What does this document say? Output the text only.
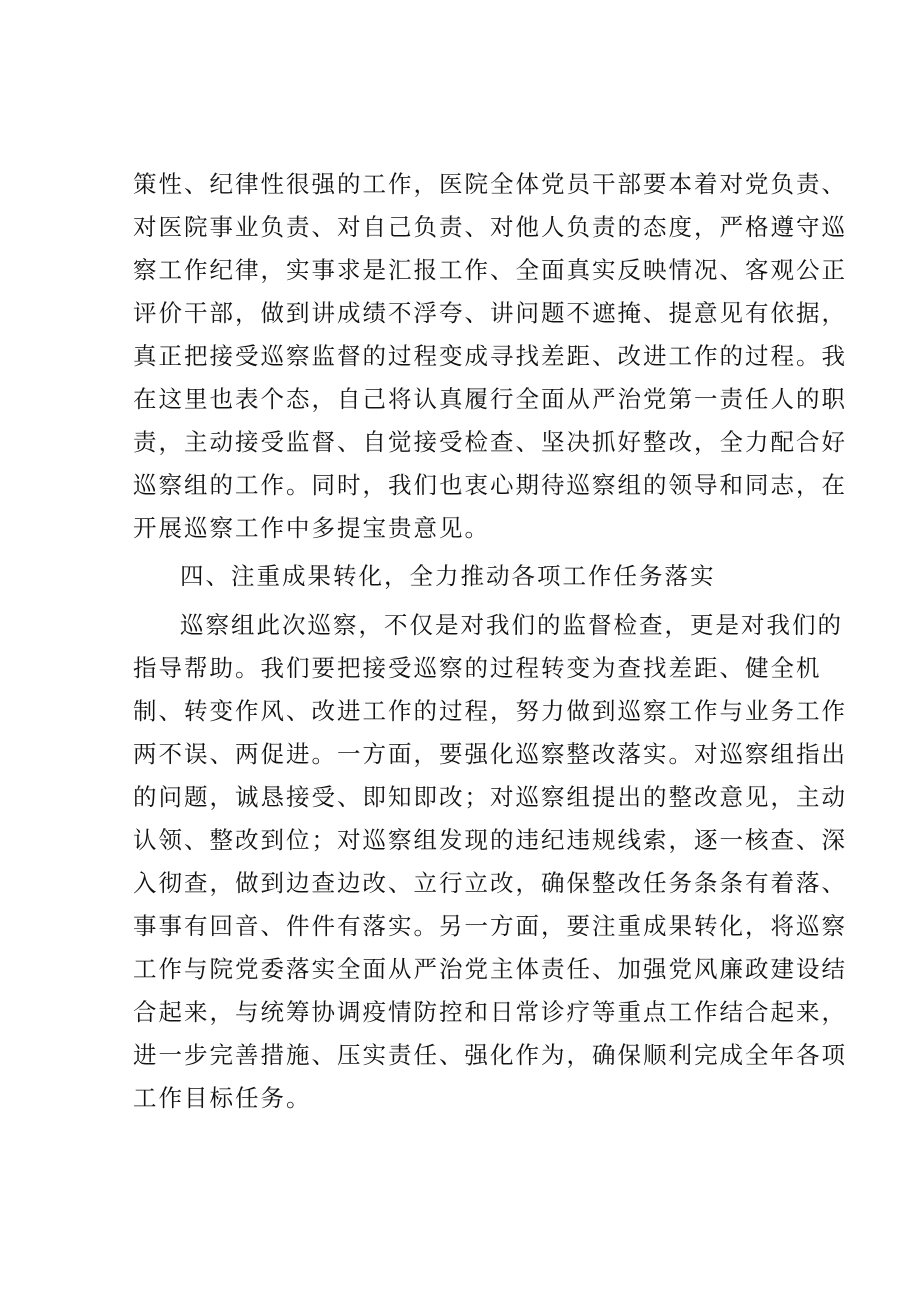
策性、纪律性很强的工作，医院全体党员干部要本着对党负责、
对医院事业负责、对自己负责、对他人负责的态度，严格遵守巡
察工作纪律，实事求是汇报工作、全面真实反映情况、客观公正
评价干部，做到讲成绩不浮夸、讲问题不遮掩、提意见有依据，
真正把接受巡察监督的过程变成寻找差距、改进工作的过程。我
在这里也表个态，自己将认真履行全面从严治党第一责任人的职
责，主动接受监督、自觉接受检查、坚决抓好整改，全力配合好
巡察组的工作。同时，我们也衷心期待巡察组的领导和同志，在
开展巡察工作中多提宝贵意见。
四、注重成果转化，全力推动各项工作任务落实
巡察组此次巡察，不仅是对我们的监督检查，更是对我们的
指导帮助。我们要把接受巡察的过程转变为查找差距、健全机
制、转变作风、改进工作的过程，努力做到巡察工作与业务工作
两不误、两促进。一方面，要强化巡察整改落实。对巡察组指出
的问题，诚恳接受、即知即改；对巡察组提出的整改意见，主动
认领、整改到位；对巡察组发现的违纪违规线索，逐一核查、深
入彻查，做到边查边改、立行立改，确保整改任务条条有着落、
事事有回音、件件有落实。另一方面，要注重成果转化，将巡察
工作与院党委落实全面从严治党主体责任、加强党风廉政建设结
合起来，与统筹协调疫情防控和日常诊疗等重点工作结合起来，
进一步完善措施、压实责任、强化作为，确保顺利完成全年各项
工作目标任务。
